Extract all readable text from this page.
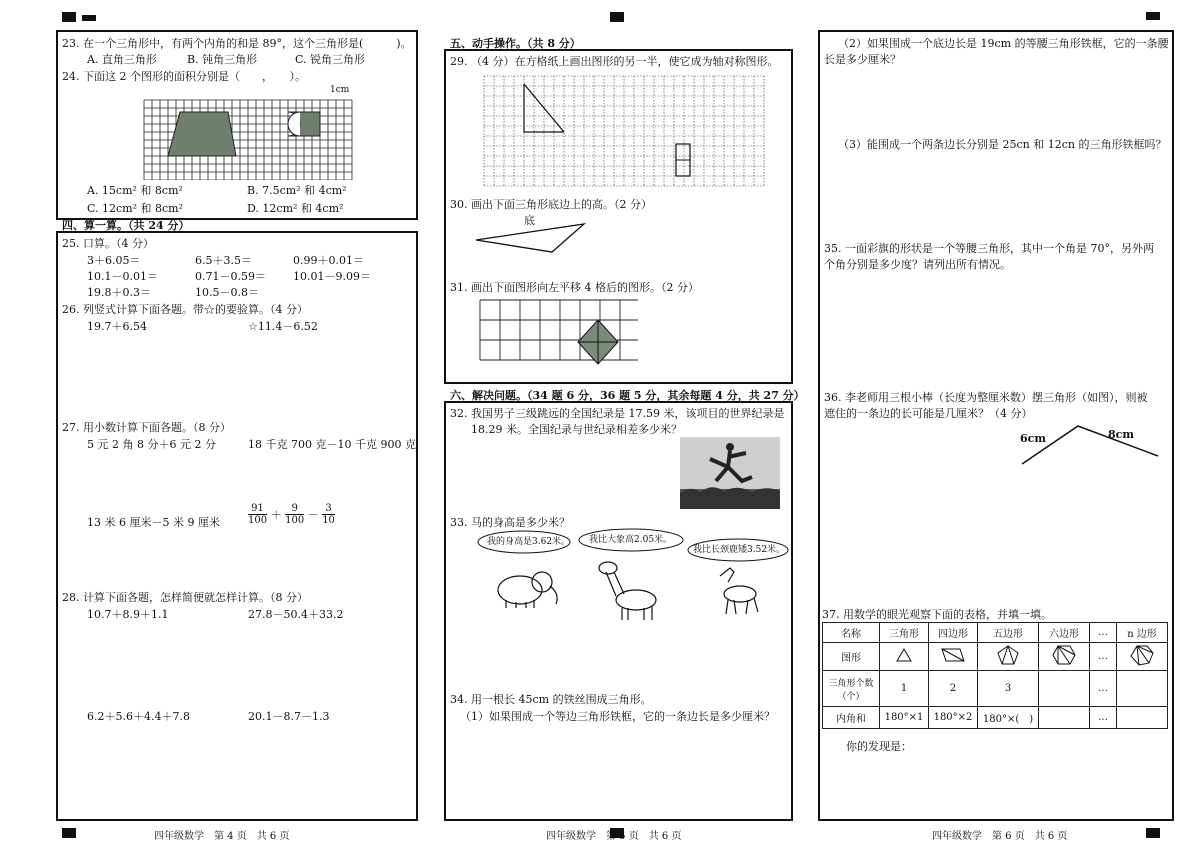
23. 在一个三角形中，有两个内角的和是 89°，这个三角形是(　　　)。
A. 直角三角形	B. 钝角三角形	C. 锐角三角形
24. 下面这 2 个图形的面积分别是（　　，　　）。
1cm
A. 15cm² 和 8cm²	B. 7.5cm² 和 4cm²
C. 12cm² 和 8cm²	D. 12cm² 和 4cm²
四、算一算。（共 24 分）
25. 口算。（4 分）
3＋6.05＝	6.5＋3.5＝	0.99＋0.01＝
10.1－0.01＝	0.71－0.59＝ 10.01－9.09＝
19.8＋0.3＝	10.5－0.8＝
26. 列竖式计算下面各题。带☆的要验算。（4 分）
19.7＋6.54	☆11.4－6.52
27. 用小数计算下面各题。（8 分）
5 元 2 角 8 分＋6 元 2 分	18 千克 700 克－10 千克 900 克
13 米 6 厘米－5 米 9 厘米	$\frac{91}{100} + \frac{9}{100} - \frac{3}{10}$
28. 计算下面各题，怎样简便就怎样计算。（8 分）
10.7＋8.9＋1.1	27.8－50.4＋33.2
6.2＋5.6＋4.4＋7.8	20.1－8.7－1.3
四年级数学　第 4 页　共 6 页
五、动手操作。（共 8 分）
29. （4 分）在方格纸上画出图形的另一半，使它成为轴对称图形。
30. 画出下面三角形底边上的高。（2 分）
底
31. 画出下面图形向左平移 4 格后的图形。（2 分）
六、解决问题。（34 题 6 分，36 题 5 分，其余每题 4 分，共 27 分）
32. 我国男子三级跳远的全国纪录是 17.59 米，该项目的世界纪录是
18.29 米。全国纪录与世纪录相差多少米？
33. 马的身高是多少米？
我的身高是3.62米。 我比大象高2.05米。
我比长颈鹿矮3.52米。
34. 用一根长 45cm 的铁丝围成三角形。
（1）如果围成一个等边三角形铁框，它的一条边长是多少厘米？
四年级数学　第 5 页　共 6 页
（2）如果围成一个底边长是 19cm 的等腰三角形铁框，它的一条腰
长是多少厘米？
（3）能围成一个两条边长分别是 25cn 和 12cn 的三角形铁框吗？
35. 一面彩旗的形状是一个等腰三角形，其中一个角是 70°，另外两
个角分别是多少度？请列出所有情况。
36. 李老师用三根小棒（长度为整厘米数）摆三角形（如图），则被
遮住的一条边的长可能是几厘米？（4 分）
6cm	8cm
37. 用数学的眼光观察下面的表格，并填一填。
名称	三角形	四边形	五边形	六边形	…	n 边形
图形					…	
三角形个数（个）	1	2	3		…	
内角和	180°×1	180°×2	180°×(　)		…	
你的发现是：
四年级数学　第 6 页　共 6 页
